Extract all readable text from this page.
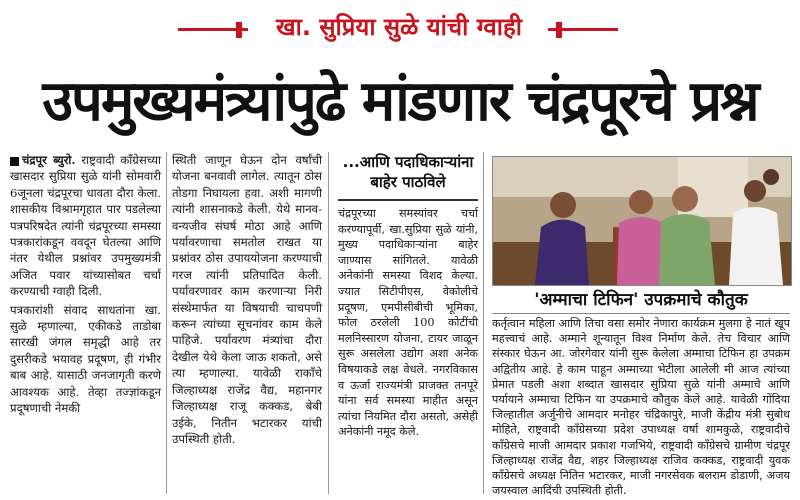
खा. सुप्रिया सुळे यांची ग्वाही
उपमुख्यमंत्र्यांपुढे मांडणार चंद्रपूरचे प्रश्न

चंद्रपूर ब्युरो. राष्ट्रवादी काँग्रेसच्या खासदार सुप्रिया सुळे यांनी सोमवारी 6जूनला चंद्रपूरचा धावता दौरा केला. शासकीय विश्रामगृहात पार पडलेल्या पत्रपरिषदेत त्यांनी चंद्रपूरच्या समस्या पत्रकारांकडून ववदून घेतल्या आणि नंतर येथील प्रश्नांवर उपमुख्यमंत्री अजित पवार यांच्यासोबत चर्चा करण्याची ग्वाही दिली.

पत्रकारांशी संवाद साधतांना खा. सुळे म्हणाल्या, एकीकडे ताडोबा सारखी जंगल समृद्धी आहे तर दुसरीकडे भयावह प्रदूषण, ही गंभीर बाब आहे. यासाठी जनजागृती करणे आवश्यक आहे. तेव्हा तज्ज्ञांकडून प्रदूषणाची नेमकी

स्थिती जाणून घेऊन दोन वर्षांची योजना बनवावी लागेल. त्यातून ठोस तोडगा निघायला हवा. अशी मागणी त्यांनी शासनाकडे केली. येथे मानव-वन्यजीव संघर्ष मोठा आहे आणि पर्यावरणाचा समतोल राखत या प्रश्नांवर ठोस उपाययोजना करण्याची गरज त्यांनी प्रतिपादित केली. पर्यावरणावर काम करणाऱ्या निरी संस्थेमार्फत या विषयाची चाचपणी करून त्यांच्या सूचनांवर काम केले पाहिजे. पर्यावरण मंत्र्यांचा दौरा देखील येथे केला जाऊ शकतो, असे त्या म्हणाल्या. यावेळी राकाँचे जिल्हाध्यक्ष राजेंद्र वैद्य, महानगर जिल्हाध्यक्ष राजू कक्कड, बेबी उईके, नितीन भटारकर यांची उपस्थिती होती.

...आणि पदाधिकाऱ्यांना बाहेर पाठविले

चंद्रपूरच्या समस्यांवर चर्चा करण्यापूर्वी, खा.सुप्रिया सुळे यांनी, मुख्य पदाधिकाऱ्यांना बाहेर जाण्यास सांगितले. यावेळी अनेकांनी समस्या विशद केल्या. ज्यात सिटीपीएस, वेकोलीचे प्रदूषण, एमपीसीबीची भूमिका, फोल ठरलेली 100 कोटींची मलनिस्सारण योजना, टायर जाळून सुरू असलेला उद्योग अशा अनेक विषयाकडे लक्ष वेधले. नगरविकास व ऊर्जा राज्यमंत्री प्राजक्त तनपूरे यांना सर्व समस्या माहीत असून त्यांचा नियमित दौरा असतो, असेही अनेकांनी नमूद केले.

'अम्माचा टिफिन' उपक्रमाचे कौतुक

कर्तृत्वान महिला आणि तिचा वसा समोर नेणारा कार्यक्रम मुलगा हे नातं खूप महत्त्वाचं आहे. अम्माने शून्यातून विश्व निर्माण केले. तेच विचार आणि संस्कार घेऊन आ. जोरगेवार यांनी सुरू केलेला अम्माचा टिफिन हा उपक्रम अद्वितीय आहे. हे काम पाहून अम्माच्या भेटीला आलेली मी आज त्यांच्या प्रेमात पडली अशा शब्दात खासदार सुप्रिया सुळे यांनी अम्माचे आणि पर्यायाने अम्माचा टिफिन या उपक्रमाचे कौतुक केले आहे. यावेळी गोंदिया जिल्हातील अर्जुनीचे आमदार मनोहर चंद्रिकापुरे, माजी केंद्रीय मंत्री सुबोध मोहिते, राष्ट्रवादी काँग्रेसच्या प्रदेश उपाध्यक्ष वर्षा शामकुळे, राष्ट्रवादीचे काँग्रेसचे माजी आमदार प्रकाश गजभिये, राष्ट्रवादी काँग्रेसचे ग्रामीण चंद्रपूर जिल्हाध्यक्ष राजेंद्र वैद्य, शहर जिल्हाध्यक्ष राजिव कक्कड, राष्ट्रवादी युवक काँग्रेसचे अध्यक्ष नितिन भटारकर, माजी नगरसेवक बलराम डोडाणी, अजय जयस्वाल आदिंची उपस्थिती होती.
